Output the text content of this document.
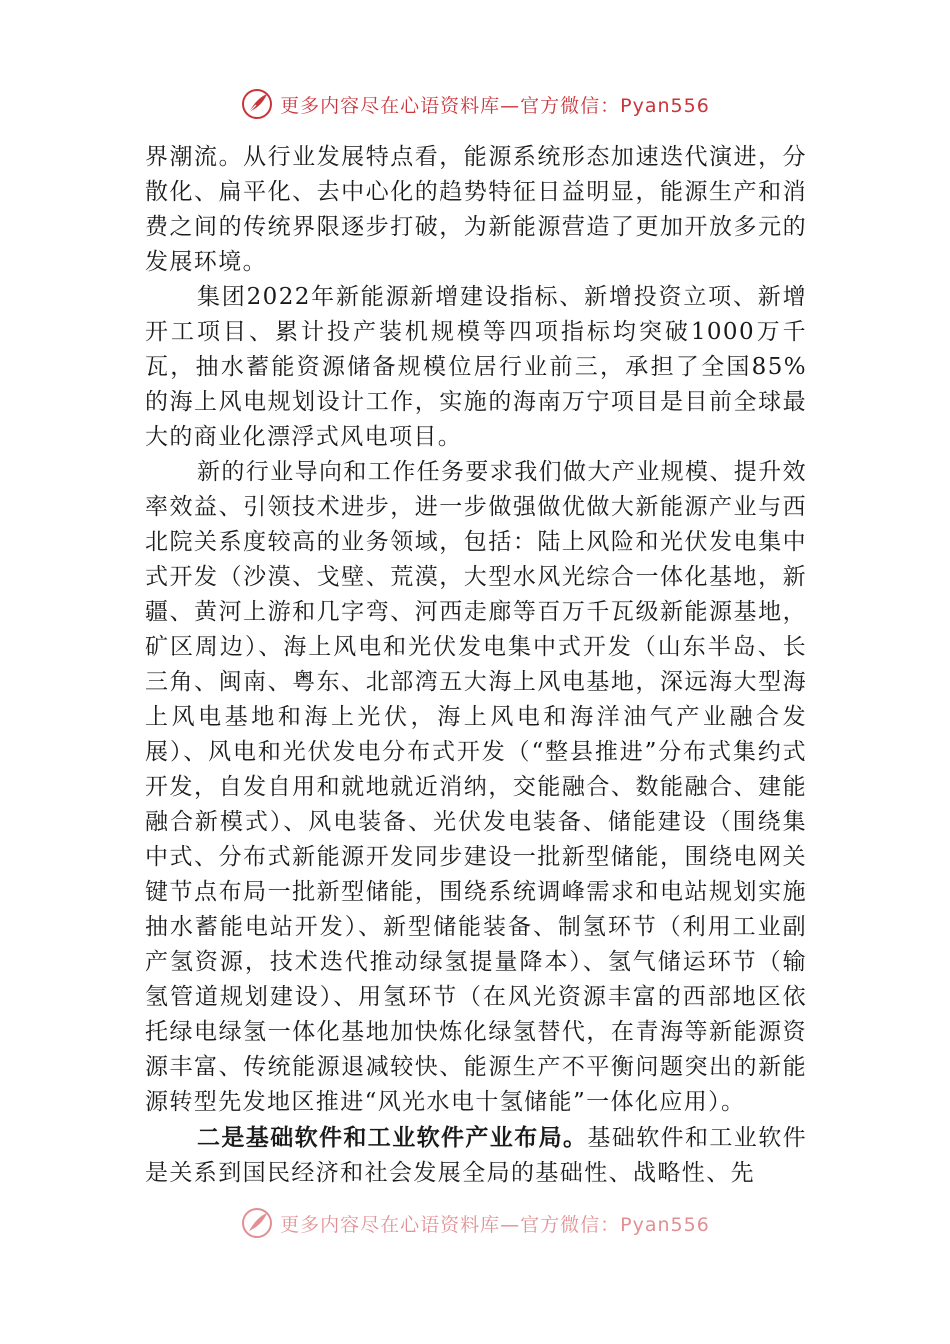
更多内容尽在心语资料库—官方微信：Pyan556

界潮流。从行业发展特点看，能源系统形态加速迭代演进，分散化、扁平化、去中心化的趋势特征日益明显，能源生产和消费之间的传统界限逐步打破，为新能源营造了更加开放多元的发展环境。

集团2022年新能源新增建设指标、新增投资立项、新增开工项目、累计投产装机规模等四项指标均突破1000万千瓦，抽水蓄能资源储备规模位居行业前三，承担了全国85%的海上风电规划设计工作，实施的海南万宁项目是目前全球最大的商业化漂浮式风电项目。

新的行业导向和工作任务要求我们做大产业规模、提升效率效益、引领技术进步，进一步做强做优做大新能源产业与西北院关系度较高的业务领域，包括：陆上风险和光伏发电集中式开发（沙漠、戈壁、荒漠，大型水风光综合一体化基地，新疆、黄河上游和几字弯、河西走廊等百万千瓦级新能源基地，矿区周边）、海上风电和光伏发电集中式开发（山东半岛、长三角、闽南、粤东、北部湾五大海上风电基地，深远海大型海上风电基地和海上光伏，海上风电和海洋油气产业融合发展）、风电和光伏发电分布式开发（“整县推进”分布式集约式开发，自发自用和就地就近消纳，交能融合、数能融合、建能融合新模式）、风电装备、光伏发电装备、储能建设（围绕集中式、分布式新能源开发同步建设一批新型储能，围绕电网关键节点布局一批新型储能，围绕系统调峰需求和电站规划实施抽水蓄能电站开发）、新型储能装备、制氢环节（利用工业副产氢资源，技术迭代推动绿氢提量降本）、氢气储运环节（输氢管道规划建设）、用氢环节（在风光资源丰富的西部地区依托绿电绿氢一体化基地加快炼化绿氢替代，在青海等新能源资源丰富、传统能源退减较快、能源生产不平衡问题突出的新能源转型先发地区推进“风光水电十氢储能”一体化应用）。

二是基础软件和工业软件产业布局。基础软件和工业软件是关系到国民经济和社会发展全局的基础性、战略性、先

更多内容尽在心语资料库—官方微信：Pyan556
